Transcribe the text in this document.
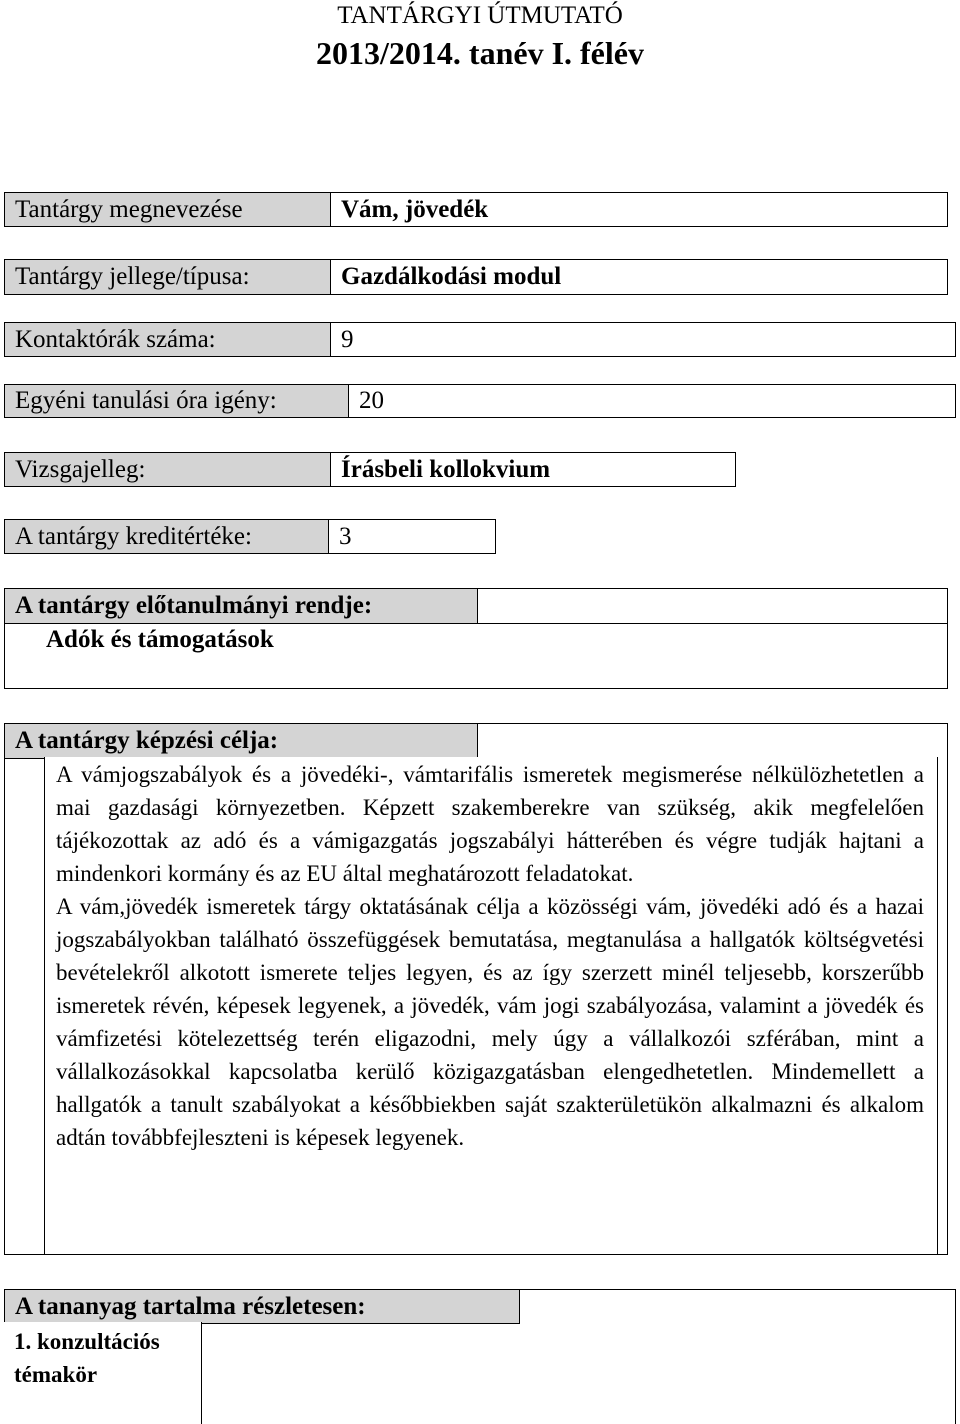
TANTÁRGYI ÚTMUTATÓ
2013/2014. tanév I. félév
Tantárgy megnevezése	Vám, jövedék
Tantárgy jellege/típusa:	Gazdálkodási modul
Kontaktórák száma:	9
Egyéni tanulási óra igény:	20
Vizsgajelleg:	Írásbeli kollokvium
A tantárgy kreditértéke:	3
A tantárgy előtanulmányi rendje:
Adók és támogatások
A tantárgy képzési célja:

A vámjogszabályok és a jövedéki-, vámtarifális ismeretek megismerése nélkülözhetetlen a mai gazdasági környezetben. Képzett szakemberekre van szükség, akik megfelelően tájékozottak az adó és a vámigazgatás jogszabályi hátterében és végre tudják hajtani a mindenkori kormány és az EU által meghatározott feladatokat.

A vám,jövedék ismeretek tárgy oktatásának célja a közösségi vám, jövedéki adó és a hazai jogszabályokban található összefüggések bemutatása, megtanulása a hallgatók költségvetési bevételekről alkotott ismerete teljes legyen, és az így szerzett minél teljesebb, korszerűbb ismeretek révén, képesek legyenek, a jövedék, vám jogi szabályozása, valamint a jövedék és vámfizetési kötelezettség terén eligazodni, mely úgy a vállalkozói szférában, mint a vállalkozásokkal kapcsolatba kerülő közigazgatásban elengedhetetlen. Mindemellett a hallgatók a tanult szabályokat a későbbiekben saját szakterületükön alkalmazni és alkalom adtán továbbfejleszteni is képesek legyenek.

A tananyag tartalma részletesen:
1. konzultációs témakör
